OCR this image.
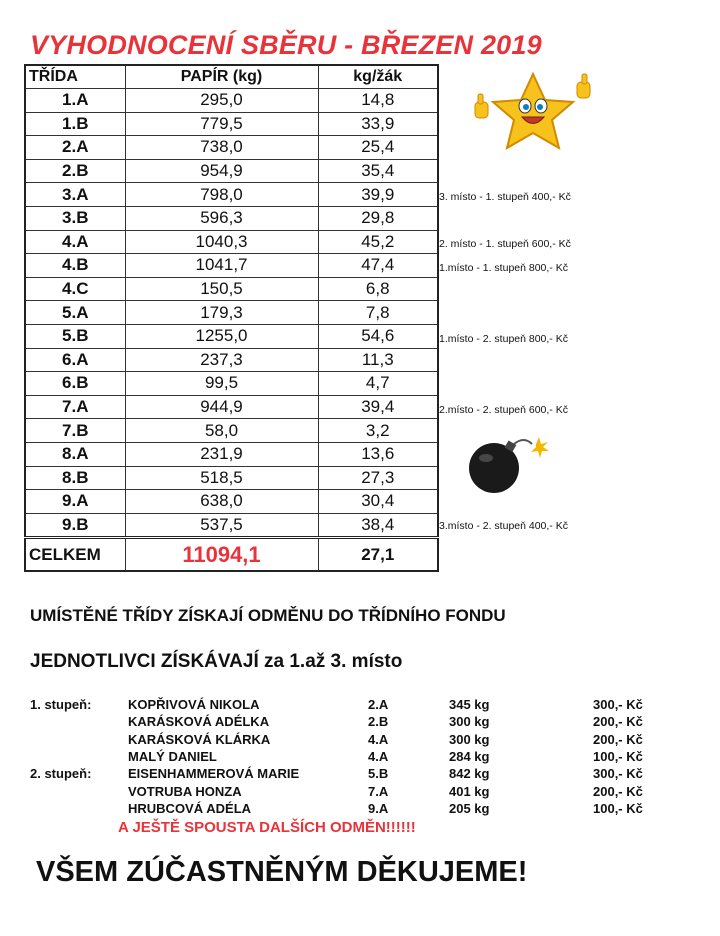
VYHODNOCENÍ SBĚRU - BŘEZEN 2019
TŘÍDA	PAPÍR (kg)	kg/žák
1.A	295,0	14,8
1.B	779,5	33,9
2.A	738,0	25,4
2.B	954,9	35,4
3.A	798,0	39,9
3.B	596,3	29,8
4.A	1040,3	45,2
4.B	1041,7	47,4
4.C	150,5	6,8
5.A	179,3	7,8
5.B	1255,0	54,6
6.A	237,3	11,3
6.B	99,5	4,7
7.A	944,9	39,4
7.B	58,0	3,2
8.A	231,9	13,6
8.B	518,5	27,3
9.A	638,0	30,4
9.B	537,5	38,4
CELKEM	11094,1	27,1
3. místo - 1. stupeň 400,- Kč
2. místo - 1. stupeň 600,- Kč
1.místo - 1. stupeň 800,- Kč
1.místo - 2. stupeň 800,- Kč
2.místo - 2. stupeň 600,- Kč
3.místo - 2. stupeň 400,- Kč
UMÍSTĚNÉ TŘÍDY ZÍSKAJÍ ODMĚNU DO TŘÍDNÍHO FONDU
JEDNOTLIVCI ZÍSKÁVAJÍ za 1.až 3. místo
1. stupeň:	KOPŘIVOVÁ NIKOLA	2.A	345 kg	300,- Kč
KARÁSKOVÁ ADÉLKA	2.B	300 kg	200,- Kč
KARÁSKOVÁ KLÁRKA	4.A	300 kg	200,- Kč
MALÝ DANIEL	4.A	284 kg	100,- Kč
2. stupeň:	EISENHAMMEROVÁ MARIE	5.B	842 kg	300,- Kč
VOTRUBA HONZA	7.A	401 kg	200,- Kč
HRUBCOVÁ ADÉLA	9.A	205 kg	100,- Kč
A JEŠTĚ SPOUSTA DALŠÍCH ODMĚN!!!!!!
VŠEM ZÚČASTNĚNÝM DĚKUJEME!
